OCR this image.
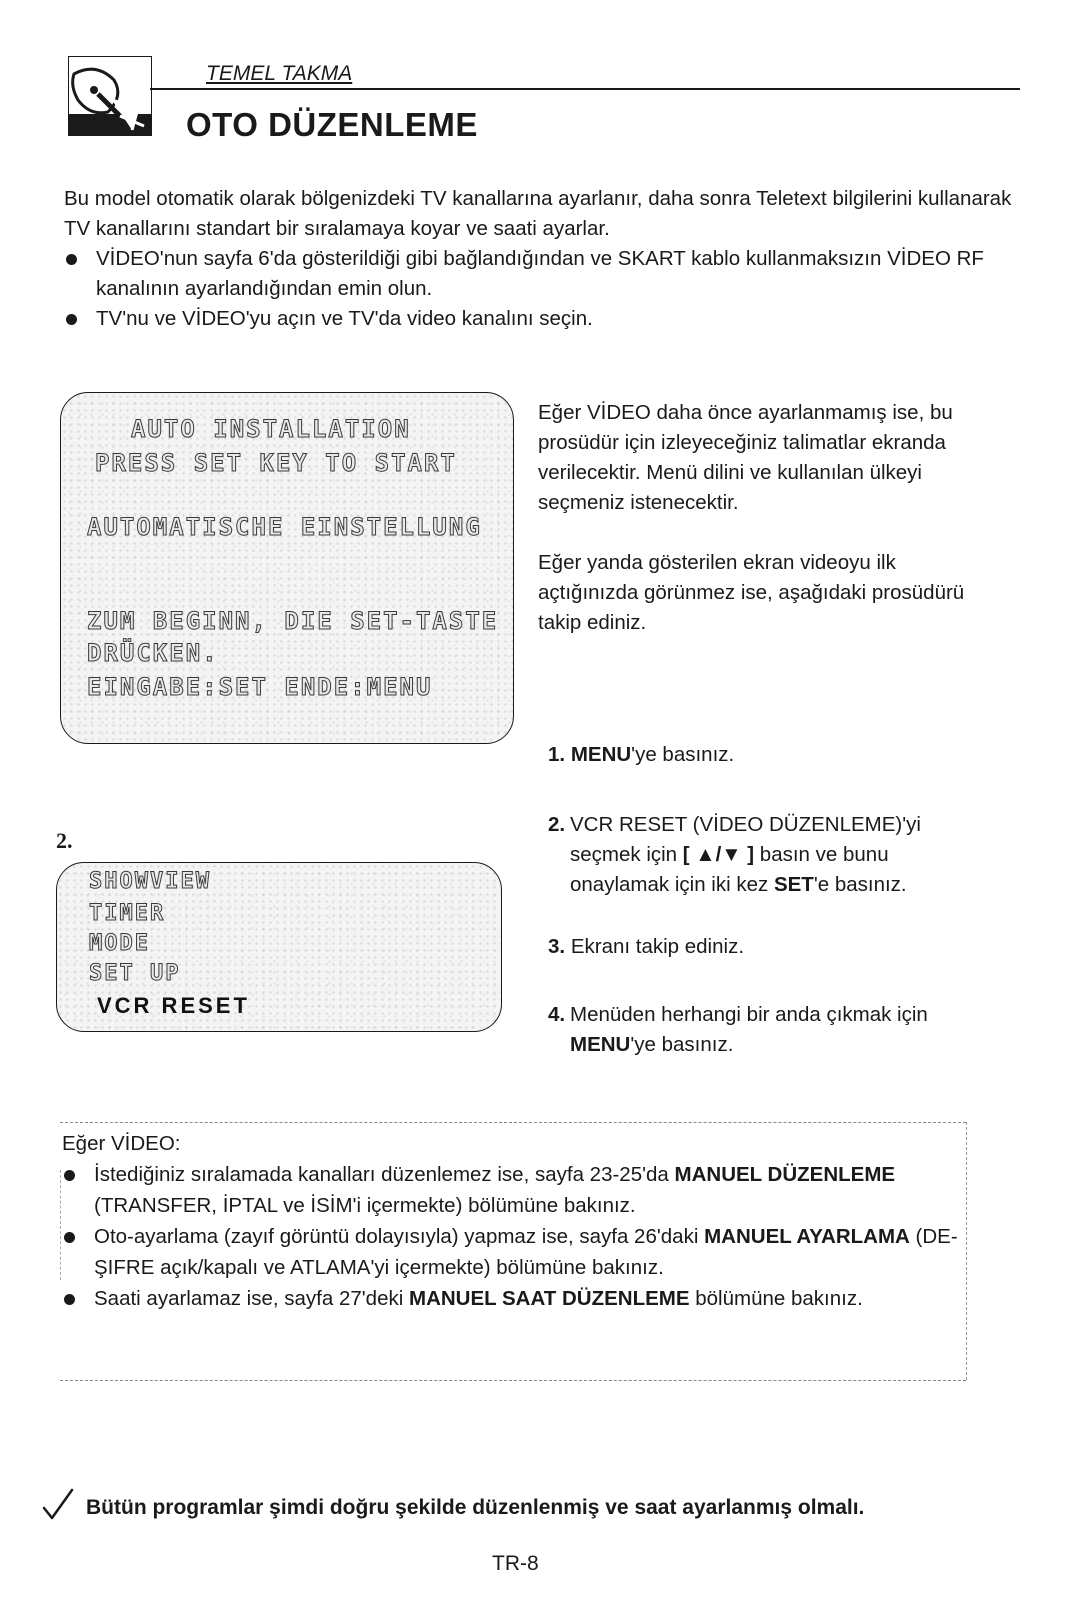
TEMEL TAKMA
OTO DÜZENLEME

Bu model otomatik olarak bölgenizdeki TV kanallarına ayarlanır, daha sonra Teletext bilgilerini kullanarak TV kanallarını standart bir sıralamaya koyar ve saati ayarlar.

VİDEO'nun sayfa 6'da gösterildiği gibi bağlandığından ve SKART kablo kullanmaksızın VİDEO RF kanalının ayarlandığından emin olun.

TV'nu ve VİDEO'yu açın ve TV'da video kanalını seçin.

AUTO INSTALLATION
PRESS SET KEY TO START
AUTOMATISCHE EINSTELLUNG
ZUM BEGINN, DIE SET-TASTE
DRÜCKEN.
EINGABE:SET ENDE:MENU

Eğer VİDEO daha önce ayarlanmamış ise, bu prosüdür için izleyeceğiniz talimatlar ekranda verilecektir. Menü dilini ve kullanılan ülkeyi seçmeniz istenecektir.

Eğer yanda gösterilen ekran videoyu ilk açtığınızda görünmez ise, aşağıdaki prosüdürü takip ediniz.

2.
SHOWVIEW
TIMER
MODE
SET UP
VCR RESET
1. MENU'ye basınız.
2. VCR RESET (VİDEO DÜZENLEME)'yi seçmek için [ ▲/▼ ] basın ve bunu onaylamak için iki kez SET'e basınız.
3. Ekranı takip ediniz.
4. Menüden herhangi bir anda çıkmak için MENU'ye basınız.

Eğer VİDEO:

İstediğiniz sıralamada kanalları düzenlemez ise, sayfa 23-25'da MANUEL DÜZENLEME (TRANSFER, İPTAL ve İSİM'i içermekte) bölümüne bakınız.

Oto-ayarlama (zayıf görüntü dolayısıyla) yapmaz ise, sayfa 26'daki MANUEL AYARLAMA (DE-ŞIFRE açık/kapalı ve ATLAMA'yi içermekte) bölümüne bakınız.

Saati ayarlamaz ise, sayfa 27'deki MANUEL SAAT DÜZENLEME bölümüne bakınız.

Bütün programlar şimdi doğru şekilde düzenlenmiş ve saat ayarlanmış olmalı.
TR-8
